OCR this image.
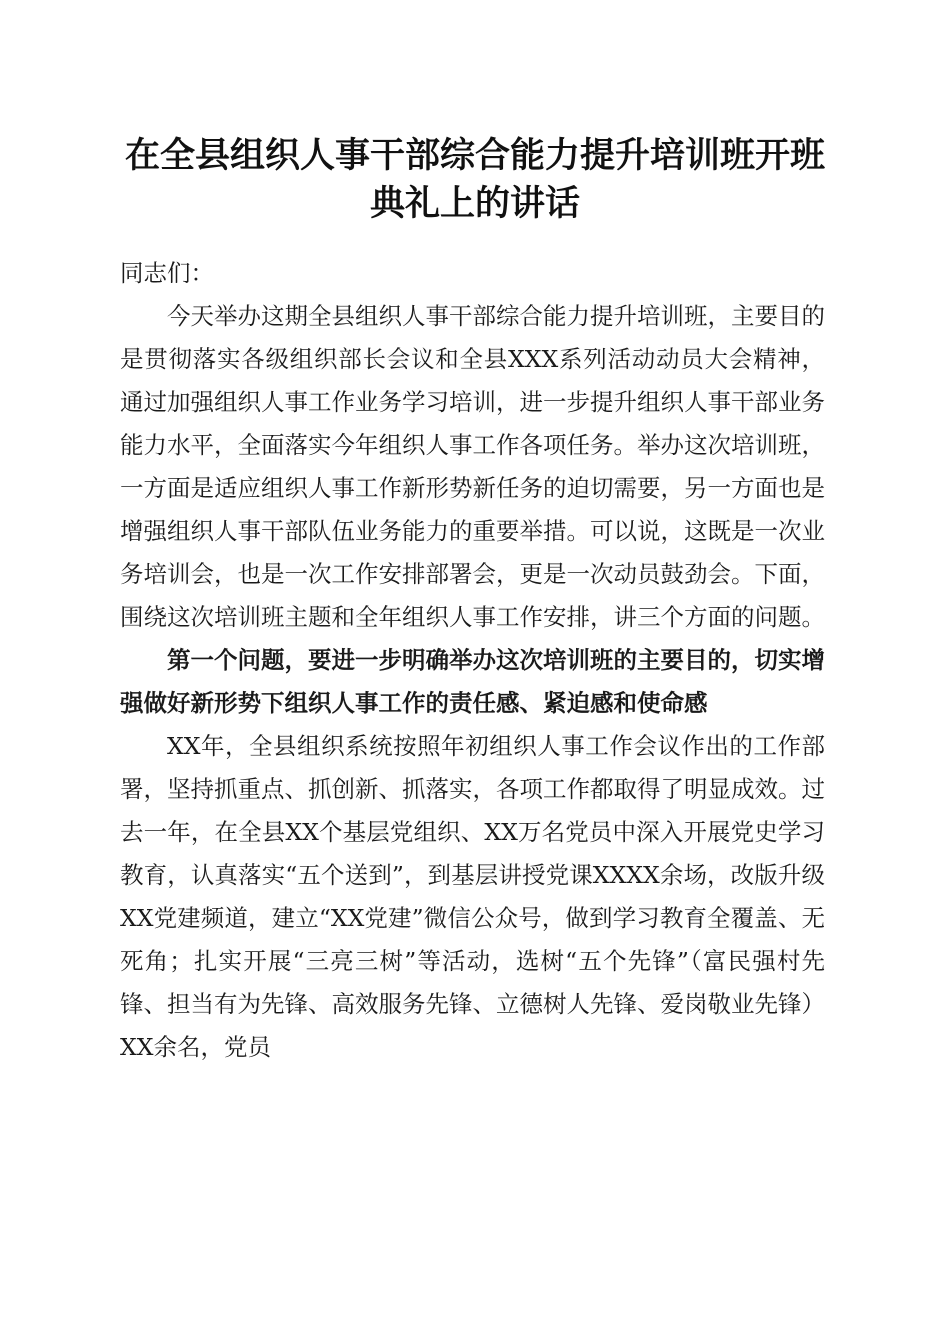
在全县组织人事干部综合能力提升培训班开班
典礼上的讲话

同志们：

今天举办这期全县组织人事干部综合能力提升培训班，主要目的是贯彻落实各级组织部长会议和全县XXX系列活动动员大会精神，通过加强组织人事工作业务学习培训，进一步提升组织人事干部业务能力水平，全面落实今年组织人事工作各项任务。举办这次培训班，一方面是适应组织人事工作新形势新任务的迫切需要，另一方面也是增强组织人事干部队伍业务能力的重要举措。可以说，这既是一次业务培训会，也是一次工作安排部署会，更是一次动员鼓劲会。下面，围绕这次培训班主题和全年组织人事工作安排，讲三个方面的问题。

第一个问题，要进一步明确举办这次培训班的主要目的，切实增强做好新形势下组织人事工作的责任感、紧迫感和使命感

XX年，全县组织系统按照年初组织人事工作会议作出的工作部署，坚持抓重点、抓创新、抓落实，各项工作都取得了明显成效。过去一年，在全县XX个基层党组织、XX万名党员中深入开展党史学习教育，认真落实“五个送到”，到基层讲授党课XXXX余场，改版升级XX党建频道，建立“XX党建”微信公众号，做到学习教育全覆盖、无死角；扎实开展“三亮三树”等活动，选树“五个先锋”（富民强村先锋、担当有为先锋、高效服务先锋、立德树人先锋、爱岗敬业先锋）XX余名，党员
